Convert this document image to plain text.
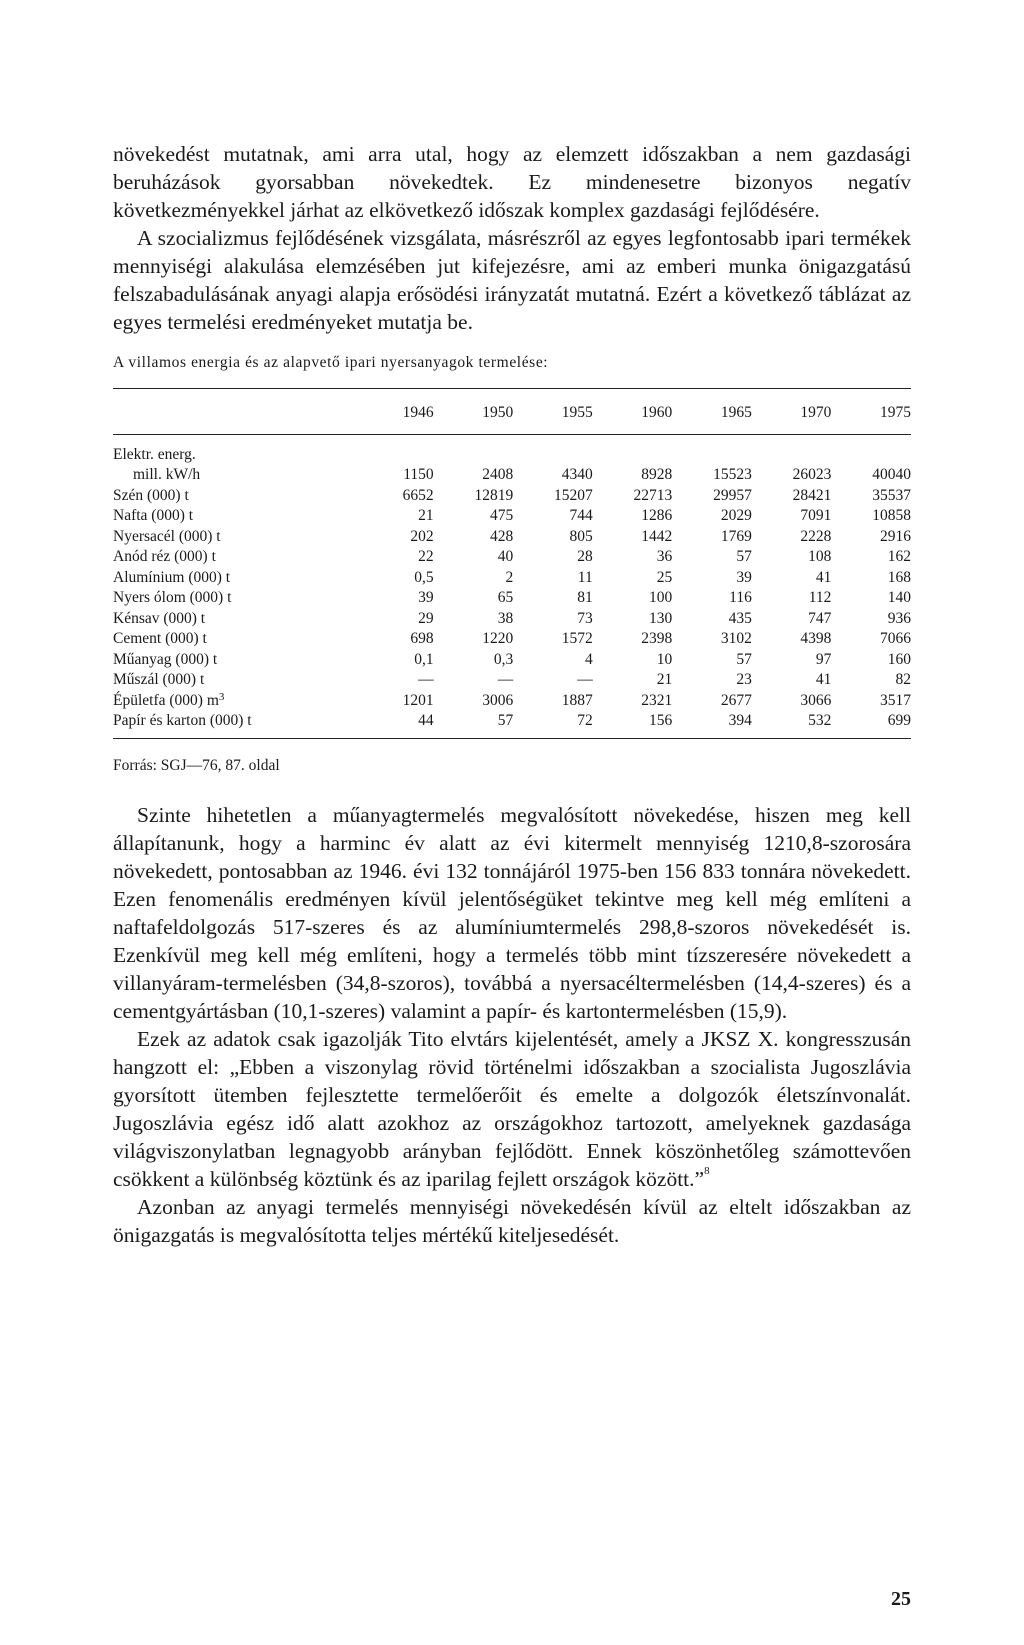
növekedést mutatnak, ami arra utal, hogy az elemzett időszakban a nem gazdasági beruházások gyorsabban növekedtek. Ez mindenesetre bizonyos negatív következményekkel járhat az elkövetkező időszak komplex gazdasági fejlődésére.

A szocializmus fejlődésének vizsgálata, másrészről az egyes legfontosabb ipari termékek mennyiségi alakulása elemzésében jut kifejezésre, ami az emberi munka önigazgatású felszabadulásának anyagi alapja erősödési irányzatát mutatná. Ezért a következő táblázat az egyes termelési eredményeket mutatja be.

A villamos energia és az alapvető ipari nyersanyagok termelése:
	1946	1950	1955	1960	1965	1970	1975
Elektr. energ.							
mill. kW/h	1150	2408	4340	8928	15523	26023	40040
Szén (000) t	6652	12819	15207	22713	29957	28421	35537
Nafta (000) t	21	475	744	1286	2029	7091	10858
Nyersacél (000) t	202	428	805	1442	1769	2228	2916
Anód réz (000) t	22	40	28	36	57	108	162
Alumínium (000) t	0,5	2	11	25	39	41	168
Nyers ólom (000) t	39	65	81	100	116	112	140
Kénsav (000) t	29	38	73	130	435	747	936
Cement (000) t	698	1220	1572	2398	3102	4398	7066
Műanyag (000) t	0,1	0,3	4	10	57	97	160
Műszál (000) t	—	—	—	21	23	41	82
Épületfa (000) $m^3$	1201	3006	1887	2321	2677	3066	3517
Papír és karton (000) t	44	57	72	156	394	532	699
Forrás: SGJ—76, 87. oldal

Szinte hihetetlen a műanyagtermelés megvalósított növekedése, hiszen meg kell állapítanunk, hogy a harminc év alatt az évi kitermelt mennyiség 1210,8-szorosára növekedett, pontosabban az 1946. évi 132 tonnájáról 1975-ben 156 833 tonnára növekedett. Ezen fenomenális eredményen kívül jelentőségüket tekintve meg kell még említeni a naftafeldolgozás 517-szeres és az alumíniumtermelés 298,8-szoros növekedését is. Ezenkívül meg kell még említeni, hogy a termelés több mint tízszeresére növekedett a villanyáram-termelésben (34,8-szoros), továbbá a nyersacéltermelésben (14,4-szeres) és a cementgyártásban (10,1-szeres) valamint a papír- és kartontermelésben (15,9).

Ezek az adatok csak igazolják Tito elvtárs kijelentését, amely a JKSZ X. kongresszusán hangzott el: „Ebben a viszonylag rövid történelmi időszakban a szocialista Jugoszlávia gyorsított ütemben fejlesztette termelőerőit és emelte a dolgozók életszínvonalát. Jugoszlávia egész idő alatt azokhoz az országokhoz tartozott, amelyeknek gazdasága világviszonylatban legnagyobb arányban fejlődött. Ennek köszönhetőleg számottevően csökkent a különbség köztünk és az iparilag fejlett országok között.”$^8$

Azonban az anyagi termelés mennyiségi növekedésén kívül az eltelt időszakban az önigazgatás is megvalósította teljes mértékű kiteljesedését.

25
